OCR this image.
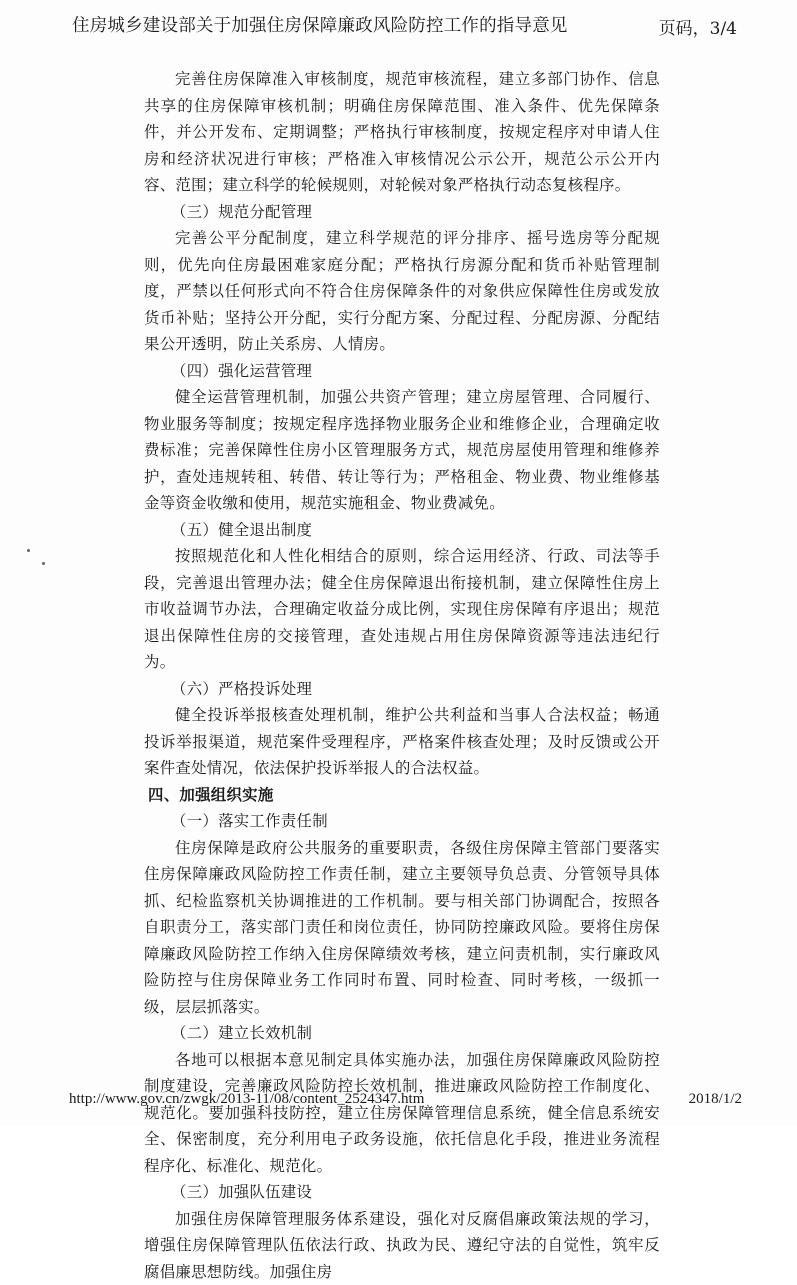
住房城乡建设部关于加强住房保障廉政风险防控工作的指导意见	页码，3/4

完善住房保障准入审核制度，规范审核流程，建立多部门协作、信息共享的住房保障审核机制；明确住房保障范围、准入条件、优先保障条件，并公开发布、定期调整；严格执行审核制度，按规定程序对申请人住房和经济状况进行审核；严格准入审核情况公示公开，规范公示公开内容、范围；建立科学的轮候规则，对轮候对象严格执行动态复核程序。

（三）规范分配管理

完善公平分配制度，建立科学规范的评分排序、摇号选房等分配规则，优先向住房最困难家庭分配；严格执行房源分配和货币补贴管理制度，严禁以任何形式向不符合住房保障条件的对象供应保障性住房或发放货币补贴；坚持公开分配，实行分配方案、分配过程、分配房源、分配结果公开透明，防止关系房、人情房。

（四）强化运营管理

健全运营管理机制，加强公共资产管理；建立房屋管理、合同履行、物业服务等制度；按规定程序选择物业服务企业和维修企业，合理确定收费标准；完善保障性住房小区管理服务方式，规范房屋使用管理和维修养护，查处违规转租、转借、转让等行为；严格租金、物业费、物业维修基金等资金收缴和使用，规范实施租金、物业费减免。

（五）健全退出制度

按照规范化和人性化相结合的原则，综合运用经济、行政、司法等手段，完善退出管理办法；健全住房保障退出衔接机制，建立保障性住房上市收益调节办法，合理确定收益分成比例，实现住房保障有序退出；规范退出保障性住房的交接管理，查处违规占用住房保障资源等违法违纪行为。

（六）严格投诉处理

健全投诉举报核查处理机制，维护公共利益和当事人合法权益；畅通投诉举报渠道，规范案件受理程序，严格案件核查处理；及时反馈或公开案件查处情况，依法保护投诉举报人的合法权益。

四、加强组织实施

（一）落实工作责任制

住房保障是政府公共服务的重要职责，各级住房保障主管部门要落实住房保障廉政风险防控工作责任制，建立主要领导负总责、分管领导具体抓、纪检监察机关协调推进的工作机制。要与相关部门协调配合，按照各自职责分工，落实部门责任和岗位责任，协同防控廉政风险。要将住房保障廉政风险防控工作纳入住房保障绩效考核，建立问责机制，实行廉政风险防控与住房保障业务工作同时布置、同时检查、同时考核，一级抓一级，层层抓落实。

（二）建立长效机制

各地可以根据本意见制定具体实施办法，加强住房保障廉政风险防控制度建设，完善廉政风险防控长效机制，推进廉政风险防控工作制度化、规范化。要加强科技防控，建立住房保障管理信息系统，健全信息系统安全、保密制度，充分利用电子政务设施，依托信息化手段，推进业务流程程序化、标准化、规范化。

（三）加强队伍建设

加强住房保障管理服务体系建设，强化对反腐倡廉政策法规的学习，增强住房保障管理队伍依法行政、执政为民、遵纪守法的自觉性，筑牢反腐倡廉思想防线。加强住房

http://www.gov.cn/zwgk/2013-11/08/content_2524347.htm	2018/1/2
